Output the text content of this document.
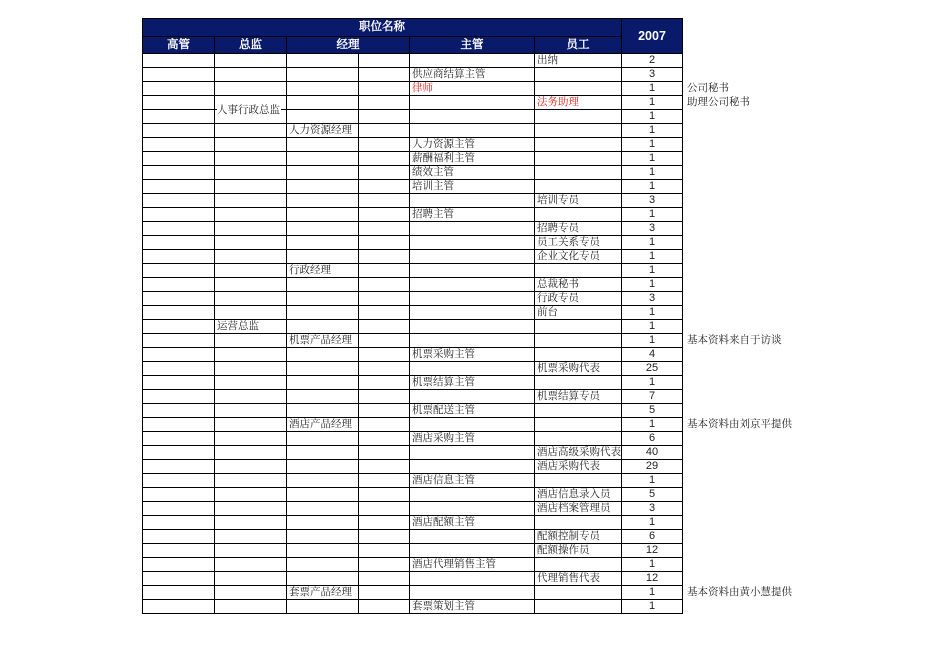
职位名称						2007	
高管	总监	经理		主管	员工		
					出纳	2	
				供应商结算主管		3	
				律师		1	公司秘书
					法务助理	1	助理公司秘书

	人事行政总监					1	
		人力资源经理				1	
				人力资源主管		1	
				薪酬福利主管		1	
				绩效主管		1	
				培训主管		1	
					培训专员	3	
				招聘主管		1	
					招聘专员	3	
					员工关系专员	1	
					企业文化专员	1	
		行政经理				1	
					总裁秘书	1	
					行政专员	3	
					前台	1	
	运营总监					1	
		机票产品经理				1	基本资料来自于访谈
				机票采购主管		4	
					机票采购代表	25	
				机票结算主管		1	
					机票结算专员	7	
				机票配送主管		5	
		酒店产品经理				1	基本资料由刘京平提供
				酒店采购主管		6	
					酒店高级采购代表	40	
					酒店采购代表	29	
				酒店信息主管		1	
					酒店信息录入员	5	
					酒店档案管理员	3	
				酒店配额主管		1	
					配额控制专员	6	
					配额操作员	12	
				酒店代理销售主管		1	
					代理销售代表	12	
		套票产品经理				1	基本资料由黄小慧提供
				套票策划主管		1	
